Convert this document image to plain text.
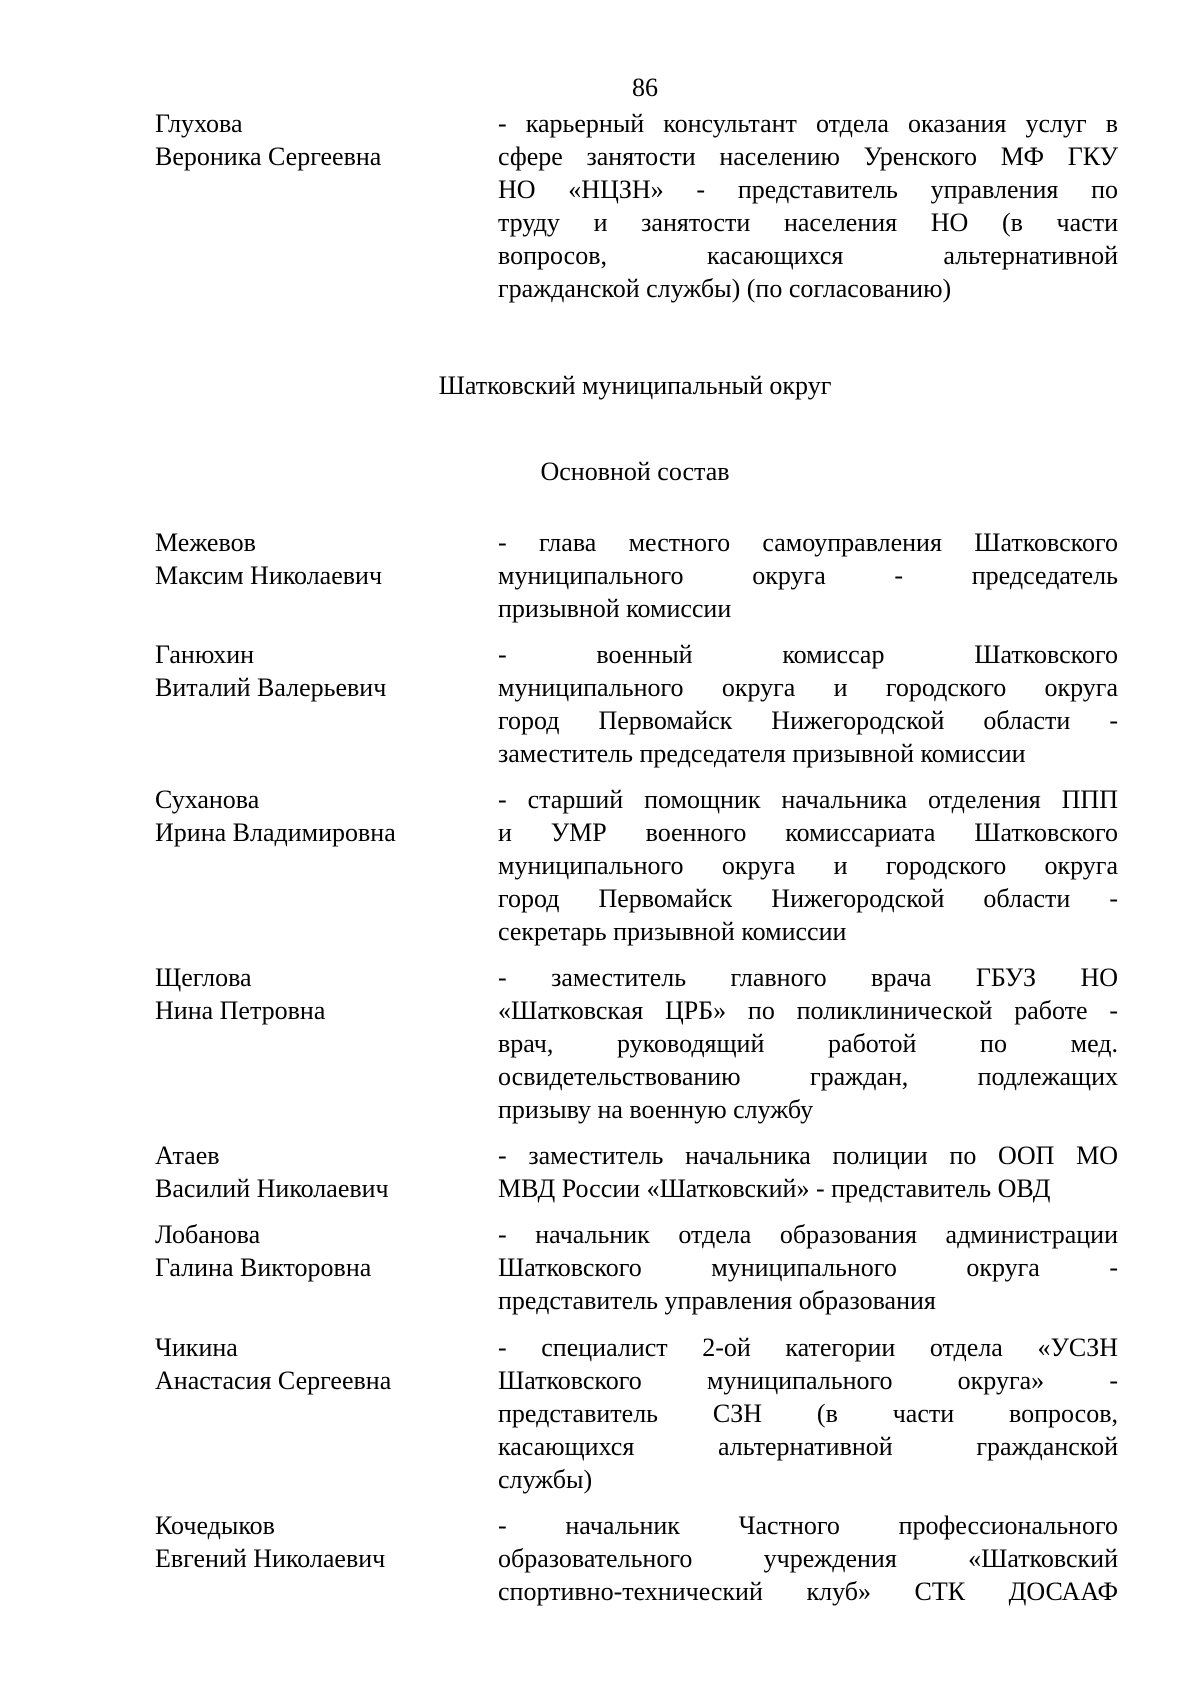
86
Глухова
Вероника Сергеевна
- карьерный консультант отдела оказания услуг в
сфере занятости населению Уренского МФ ГКУ
НО «НЦЗН» - представитель управления по
труду и занятости населения НО (в части
вопросов, касающихся альтернативной
гражданской службы) (по согласованию)
Шатковский муниципальный округ
Основной состав
Межевов
Максим Николаевич
- глава местного самоуправления Шатковского
муниципального округа - председатель
призывной комиссии
Ганюхин
Виталий Валерьевич
- военный комиссар Шатковского
муниципального округа и городского округа
город Первомайск Нижегородской области -
заместитель председателя призывной комиссии
Суханова
Ирина Владимировна
- старший помощник начальника отделения ППП
и УМР военного комиссариата Шатковского
муниципального округа и городского округа
город Первомайск Нижегородской области -
секретарь призывной комиссии
Щеглова
Нина Петровна
- заместитель главного врача ГБУЗ НО
«Шатковская ЦРБ» по поликлинической работе -
врач, руководящий работой по мед.
освидетельствованию граждан, подлежащих
призыву на военную службу
Атаев
Василий Николаевич
- заместитель начальника полиции по ООП МО
МВД России «Шатковский» - представитель ОВД
Лобанова
Галина Викторовна
- начальник отдела образования администрации
Шатковского муниципального округа -
представитель управления образования
Чикина
Анастасия Сергеевна
- специалист 2-ой категории отдела «УСЗН
Шатковского муниципального округа» -
представитель СЗН (в части вопросов,
касающихся альтернативной гражданской
службы)
Кочедыков
Евгений Николаевич
- начальник Частного профессионального
образовательного учреждения «Шатковский
спортивно-технический клуб» СТК ДОСААФ
